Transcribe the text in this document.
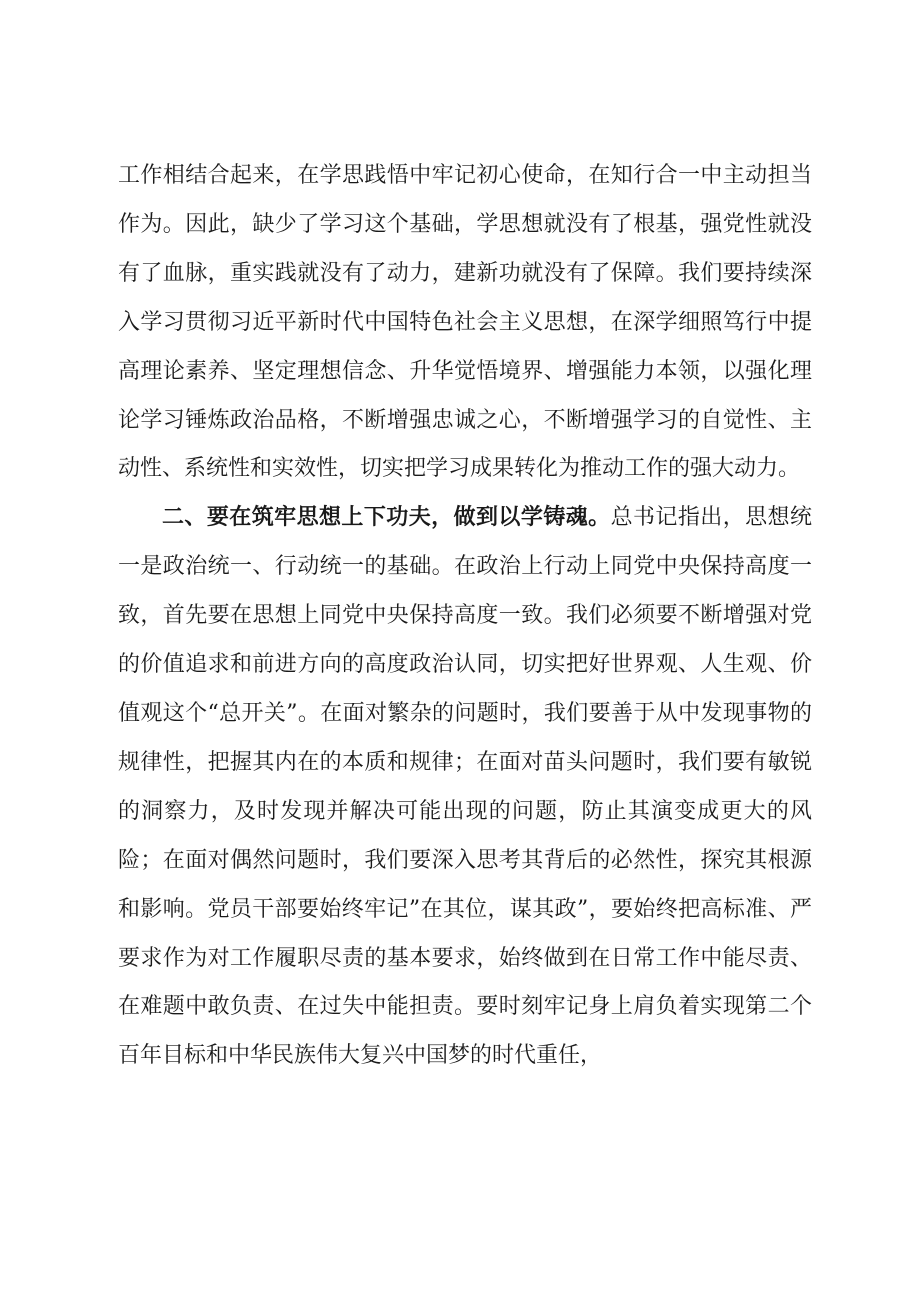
工作相结合起来，在学思践悟中牢记初心使命，在知行合一中主动担当作为。因此，缺少了学习这个基础，学思想就没有了根基，强党性就没有了血脉，重实践就没有了动力，建新功就没有了保障。我们要持续深入学习贯彻习近平新时代中国特色社会主义思想，在深学细照笃行中提高理论素养、坚定理想信念、升华觉悟境界、增强能力本领，以强化理论学习锤炼政治品格，不断增强忠诚之心，不断增强学习的自觉性、主动性、系统性和实效性，切实把学习成果转化为推动工作的强大动力。

二、要在筑牢思想上下功夫，做到以学铸魂。总书记指出，思想统一是政治统一、行动统一的基础。在政治上行动上同党中央保持高度一致，首先要在思想上同党中央保持高度一致。我们必须要不断增强对党的价值追求和前进方向的高度政治认同，切实把好世界观、人生观、价值观这个“总开关”。在面对繁杂的问题时，我们要善于从中发现事物的规律性，把握其内在的本质和规律；在面对苗头问题时，我们要有敏锐的洞察力，及时发现并解决可能出现的问题，防止其演变成更大的风险；在面对偶然问题时，我们要深入思考其背后的必然性，探究其根源和影响。党员干部要始终牢记”在其位，谋其政”，要始终把高标准、严要求作为对工作履职尽责的基本要求，始终做到在日常工作中能尽责、在难题中敢负责、在过失中能担责。要时刻牢记身上肩负着实现第二个百年目标和中华民族伟大复兴中国梦的时代重任，
